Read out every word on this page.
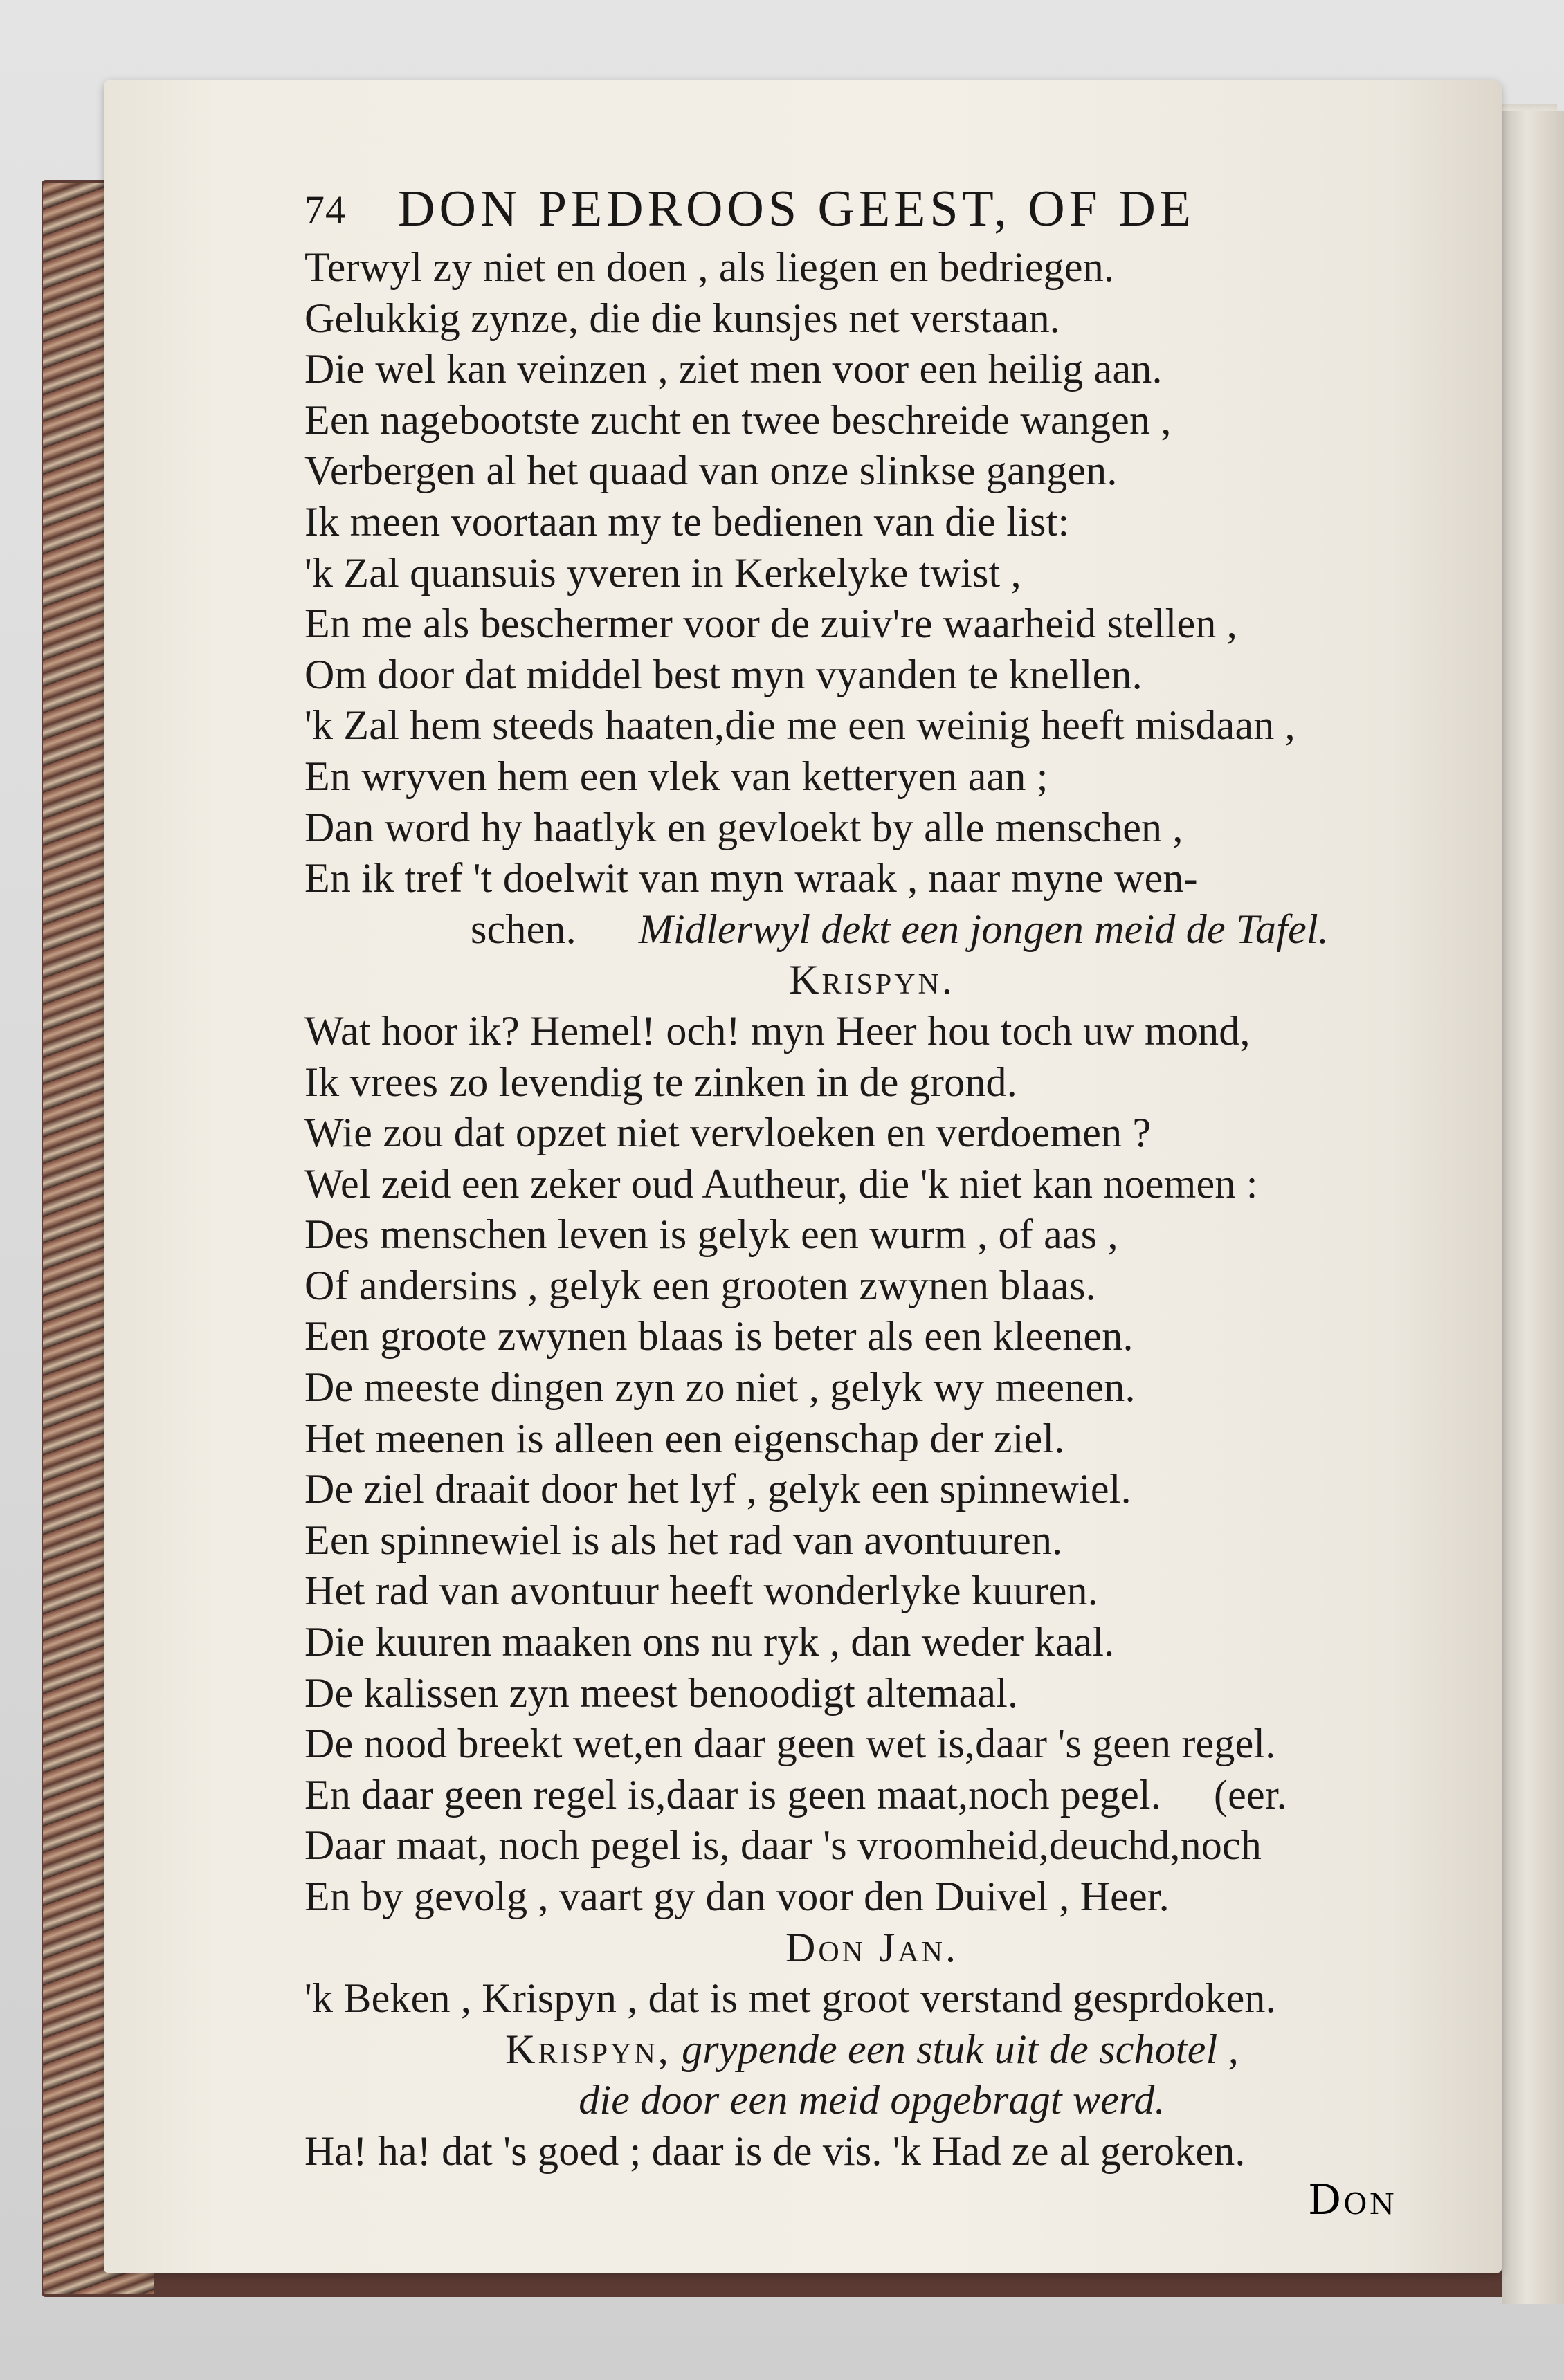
74 DON PEDROOS GEEST, OF DE
Terwyl zy niet en doen , als liegen en bedriegen.
Gelukkig zynze, die die kunsjes net verstaan.
Die wel kan veinzen , ziet men voor een heilig aan.
Een nagebootste zucht en twee beschreide wangen ,
Verbergen al het quaad van onze slinkse gangen.
Ik meen voortaan my te bedienen van die list:
'k Zal quansuis yveren in Kerkelyke twist ,
En me als beschermer voor de zuiv're waarheid stellen ,
Om door dat middel best myn vyanden te knellen.
'k Zal hem steeds haaten,die me een weinig heeft misdaan ,
En wryven hem een vlek van ketteryen aan ;
Dan word hy haatlyk en gevloekt by alle menschen ,
En ik tref 't doelwit van myn wraak , naar myne wen-
schen. Midlerwyl dekt een jongen meid de Tafel.
Krispyn.
Wat hoor ik? Hemel! och! myn Heer hou toch uw mond,
Ik vrees zo levendig te zinken in de grond.
Wie zou dat opzet niet vervloeken en verdoemen ?
Wel zeid een zeker oud Autheur, die 'k niet kan noemen :
Des menschen leven is gelyk een wurm , of aas ,
Of andersins , gelyk een grooten zwynen blaas.
Een groote zwynen blaas is beter als een kleenen.
De meeste dingen zyn zo niet , gelyk wy meenen.
Het meenen is alleen een eigenschap der ziel.
De ziel draait door het lyf , gelyk een spinnewiel.
Een spinnewiel is als het rad van avontuuren.
Het rad van avontuur heeft wonderlyke kuuren.
Die kuuren maaken ons nu ryk , dan weder kaal.
De kalissen zyn meest benoodigt altemaal.
De nood breekt wet,en daar geen wet is,daar 's geen regel.
En daar geen regel is,daar is geen maat,noch pegel.     (eer.
Daar maat, noch pegel is, daar 's vroomheid,deuchd,noch
En by gevolg , vaart gy dan voor den Duivel , Heer.
Don Jan.
'k Beken , Krispyn , dat is met groot verstand gesprdoken.
Krispyn, grypende een stuk uit de schotel ,
die door een meid opgebragt werd.
Ha! ha! dat 's goed ; daar is de vis. 'k Had ze al geroken.
Don
